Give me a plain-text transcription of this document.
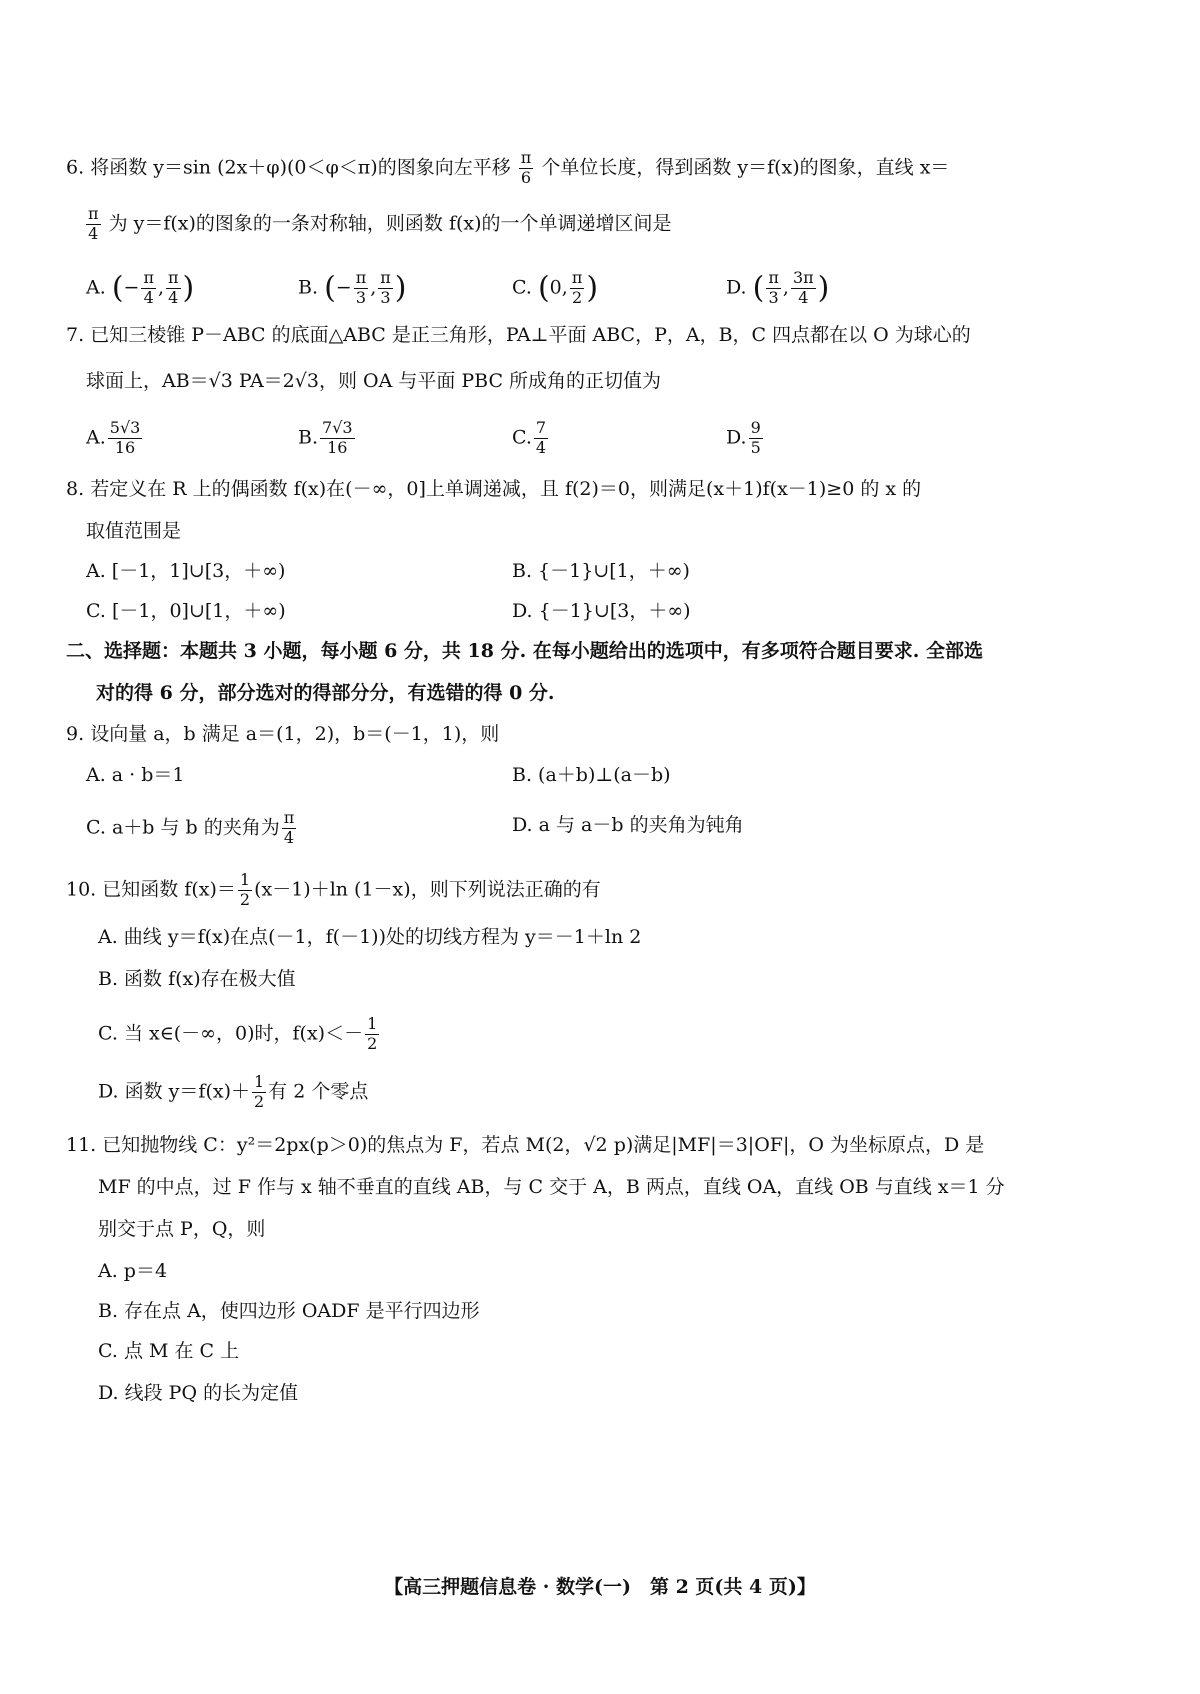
6. 将函数 y＝sin (2x＋φ)(0＜φ＜π)的图象向左平移 $\frac{\pi}{6}$ 个单位长度，得到函数 y＝f(x)的图象，直线 x＝
$\frac{\pi}{4}$ 为 y＝f(x)的图象的一条对称轴，则函数 f(x)的一个单调递增区间是
A. (− $\frac{\pi}{4}$ , $\frac{\pi}{4}$ )	B. (− $\frac{\pi}{3}$ , $\frac{\pi}{3}$ )	C. (0, $\frac{\pi}{2}$ )	D. ( $\frac{\pi}{3}$ , $\frac{3\pi}{4}$ )
7. 已知三棱锥 P－ABC 的底面△ABC 是正三角形，PA⊥平面 ABC，P，A，B，C 四点都在以 O 为球心的
球面上，AB＝√3 PA＝2√3，则 OA 与平面 PBC 所成角的正切值为
A. $\frac{5√3}{16}$	B. $\frac{7√3}{16}$	C. $\frac{7}{4}$	D. $\frac{9}{5}$
8. 若定义在 R 上的偶函数 f(x)在(－∞，0]上单调递减，且 f(2)＝0，则满足(x＋1)f(x－1)≥0 的 x 的
取值范围是
A. [－1，1]∪[3，＋∞)	B. {－1}∪[1，＋∞)
C. [－1，0]∪[1，＋∞)	D. {－1}∪[3，＋∞)
二、选择题：本题共 3 小题，每小题 6 分，共 18 分. 在每小题给出的选项中，有多项符合题目要求. 全部选
对的得 6 分，部分选对的得部分分，有选错的得 0 分.
9. 设向量 a，b 满足 a＝(1，2)，b＝(－1，1)，则
A. a · b＝1	B. (a＋b)⊥(a－b)
C. a＋b 与 b 的夹角为 $\frac{\pi}{4}$	D. a 与 a－b 的夹角为钝角
10. 已知函数 $f(x)= \frac{1}{2} (x-1)+\ln$ (1－x)，则下列说法正确的有
A. 曲线 y＝f(x)在点(－1，f(－1))处的切线方程为 y＝－1＋ln 2
B. 函数 f(x)存在极大值
C. 当 x∈(－∞，0)时，$f(x)<- \frac{1}{2}$
D. 函数 $y=f(x)+ \frac{1}{2}$ 有 2 个零点
11. 已知抛物线 C：y²＝2px(p＞0)的焦点为 F，若点 M(2，√2 p)满足|MF|＝3|OF|，O 为坐标原点，D 是
MF 的中点，过 F 作与 x 轴不垂直的直线 AB，与 C 交于 A，B 两点，直线 OA，直线 OB 与直线 x＝1 分
别交于点 P，Q，则
A. p＝4
B. 存在点 A，使四边形 OADF 是平行四边形
C. 点 M 在 C 上
D. 线段 PQ 的长为定值
【高三押题信息卷 · 数学(一)　第 2 页(共 4 页)】
